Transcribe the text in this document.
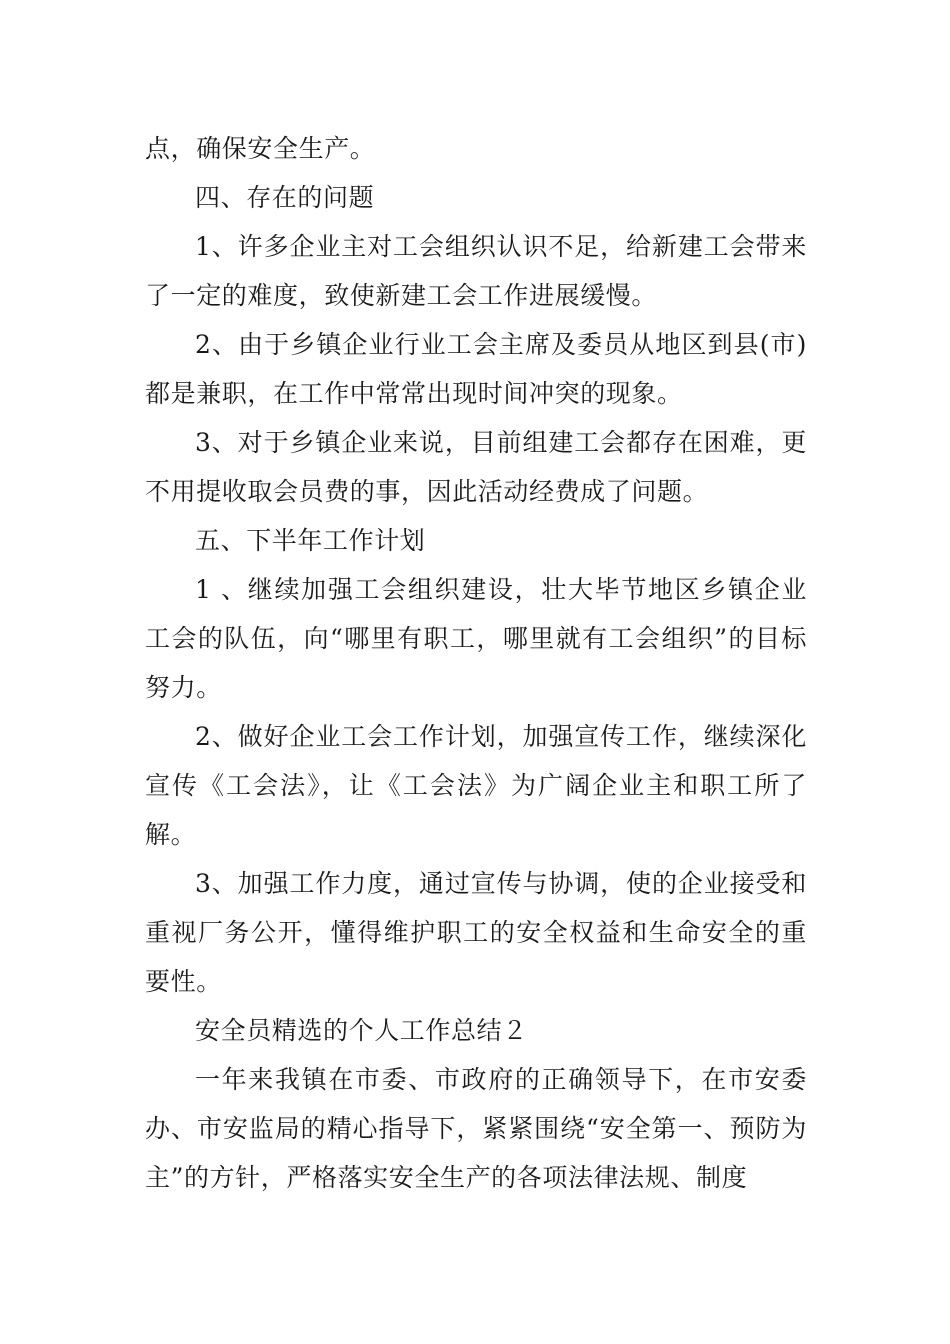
点，确保安全生产。

四、存在的问题

1、许多企业主对工会组织认识不足，给新建工会带来了一定的难度，致使新建工会工作进展缓慢。

2、由于乡镇企业行业工会主席及委员从地区到县(市)都是兼职，在工作中常常出现时间冲突的现象。

3、对于乡镇企业来说，目前组建工会都存在困难，更不用提收取会员费的事，因此活动经费成了问题。

五、下半年工作计划

1 、继续加强工会组织建设，壮大毕节地区乡镇企业工会的队伍，向“哪里有职工，哪里就有工会组织”的目标努力。

2、做好企业工会工作计划，加强宣传工作，继续深化宣传《工会法》，让《工会法》为广阔企业主和职工所了解。

3、加强工作力度，通过宣传与协调，使的企业接受和重视厂务公开，懂得维护职工的安全权益和生命安全的重要性。

安全员精选的个人工作总结２

一年来我镇在市委、市政府的正确领导下，在市安委办、市安监局的精心指导下，紧紧围绕“安全第一、预防为主”的方针，严格落实安全生产的各项法律法规、制度
